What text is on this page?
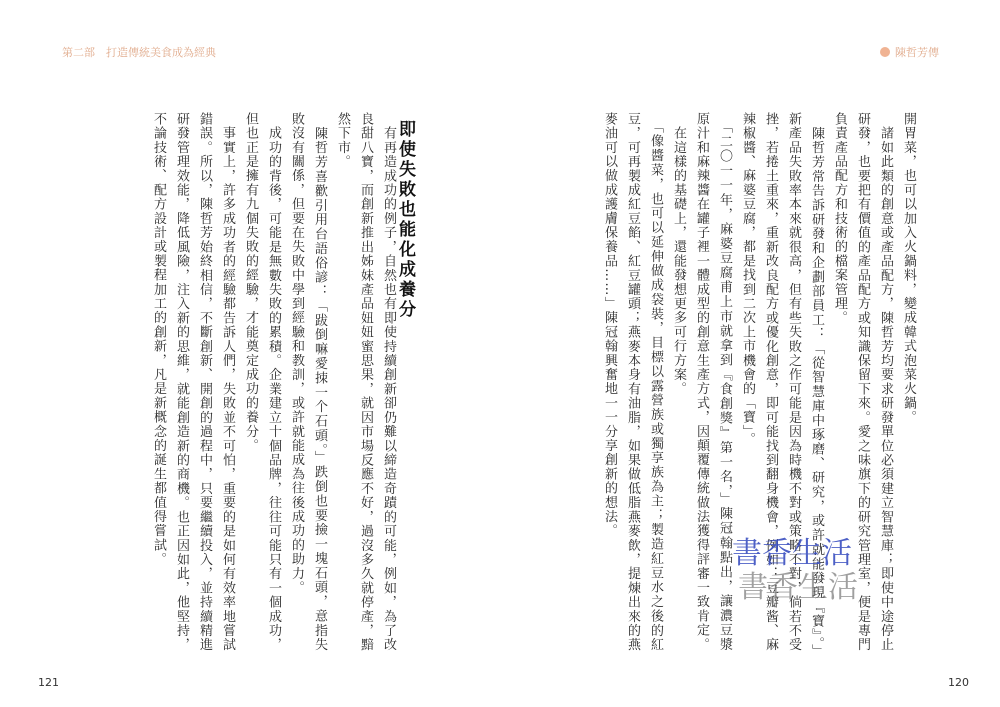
第二部　打造傳統美食成為經典	陳哲芳傳

開胃菜，也可以加入火鍋料，變成韓式泡菜火鍋。

　諸如此類的創意或產品配方，陳哲芳均要求研發單位必須建立智慧庫；即使中途停止研發，也要把有價值的產品配方或知識保留下來。愛之味旗下的研究管理室，便是專門負責產品配方和技術的檔案管理。

　陳哲芳常告訴研發和企劃部員工：「從智慧庫中琢磨、研究，或許就能發現『寶』。」新產品失敗率本來就很高，但有些失敗之作可能是因為時機不對或策略不對，倘若不受挫，若捲土重來，重新改良配方或優化創意，即可能找到翻身機會，例如：豆瓣酱、麻辣椒醬、麻婆豆腐，都是找到二次上市機會的「寶」。

　「二〇一一年，麻婆豆腐甫上市就拿到『食創獎』第一名，」陳冠翰點出，讓濃豆漿原汁和麻辣醬在罐子裡一體成型的創意生產方式，因顛覆傳統做法獲得評審一致肯定。

　在這樣的基礎上，還能發想更多可行方案。

　「像醬菜，也可以延伸做成袋裝，目標以露營族或獨享族為主；製造紅豆水之後的紅豆，可再製成紅豆餡、紅豆罐頭；燕麥本身有油脂，如果做低脂燕麥飲，提煉出來的燕麥油可以做成護膚保養品……」陳冠翰興奮地一一分享創新的想法。

即使失敗也能化成養分

　有再造成功的例子，自然也有即使持續創新卻仍難以締造奇蹟的可能，例如，為了改良甜八寶，而創新推出姊妹產品妞妞蜜思果，就因市場反應不好，過沒多久就停產，黯然下市。

　陳哲芳喜歡引用台語俗諺：「跋倒嘛愛拺一个石頭。」跌倒也要撿一塊石頭，意指失敗沒有關係，但要在失敗中學到經驗和教訓，或許就能成為往後成功的助力。

　成功的背後，可能是無數失敗的累積。企業建立十個品牌，往往可能只有一個成功，但也正是擁有九個失敗的經驗，才能奠定成功的養分。

　事實上，許多成功者的經驗都告訴人們，失敗並不可怕，重要的是如何有效率地嘗試錯誤。所以，陳哲芳始終相信，不斷創新、開創的過程中，只要繼續投入，並持續精進研發管理效能，降低風險，注入新的思維，就能創造新的商機。也正因如此，他堅持，不論技術、配方設計或製程加工的創新，凡是新概念的誕生都值得嘗試。	書香生活
書香生活
121	120
